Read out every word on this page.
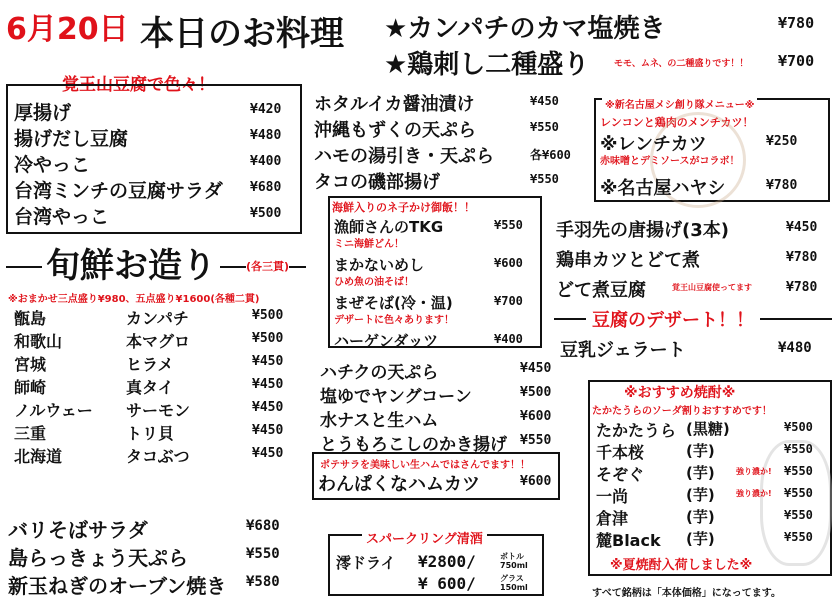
6月20日 本日のお料理 ★カンパチのカマ塩焼き	¥780
★鶏刺し二種盛り	モモ、ムネ、の二種盛りです！！ ¥700
覚王山豆腐で色々！
厚揚げ	¥420
揚げだし豆腐	¥480
冷やっこ	¥400
台湾ミンチの豆腐サラダ ¥680
台湾やっこ	¥500
旬鮮お造り	(各三貫)
※おまかせ三点盛り¥980、五点盛り¥1600(各種二貫)
甑島	カンパチ	¥500
和歌山	本マグロ	¥500
宮城	ヒラメ	¥450
師崎	真タイ	¥450
ノルウェー サーモン	¥450
三重	トリ貝	¥450
北海道	タコぶつ	¥450
ホタルイカ醤油漬け	¥450
沖縄もずくの天ぷら	¥550
ハモの湯引き・天ぷら	各¥600
タコの磯部揚げ	¥550
海鮮入りのネ子かけ御飯！！
漁師さんのTKG	¥550
ミニ海鮮どん！
まかないめし	¥600
ひめ魚の油そば！
まぜそば(冷・温)	¥700
デザートに色々あります！
ハーゲンダッツ	¥400
※新名古屋メシ創り隊メニュー※
レンコンと鶏肉のメンチカツ！
※レンチカツ	¥250
赤味噌とデミソースがコラボ！
※名古屋ハヤシ	¥780
手羽先の唐揚げ(3本)	¥450
鶏串カツとどて煮	¥780
どて煮豆腐	¥780
覚王山豆腐使ってます
豆腐のデザート！！
豆乳ジェラート	¥480
ハチクの天ぷら	¥450
塩ゆでヤングコーン	¥500
水ナスと生ハム	¥600
とうもろこしのかき揚げ ¥550
ポテサラを美味しい生ハムではさんでます！！
わんぱくなハムカツ	¥600
※おすすめ焼酎※
たかたうらのソーダ割りおすすめです！
たかたうら (黒糖)	¥500
千本桜	(芋)	¥550
そぞぐ	(芋)	強り濃か! ¥550
一尚	(芋)	強り濃か! ¥550
倉津	(芋)	¥550
麓Black (芋)	¥550
※夏焼酎入荷しました※
バリそばサラダ	¥680
島らっきょう天ぷら	¥550
新玉ねぎのオーブン焼き ¥580
スパークリング清酒
澪ドライ ¥2800/	ボトル750ml
¥ 600/	グラス150ml
すべて銘柄は「本体価格」になってます。
